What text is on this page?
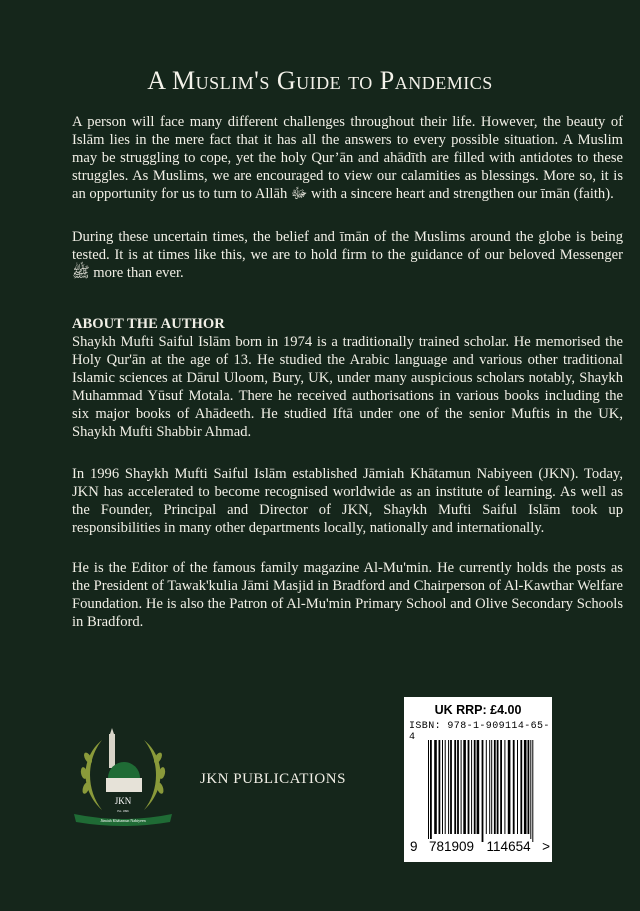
A Muslim's Guide to Pandemics

A person will face many different challenges throughout their life. However, the beauty of Islām lies in the mere fact that it has all the answers to every possible situation. A Muslim may be struggling to cope, yet the holy Qur’ān and ahādīth are filled with antidotes to these struggles. As Muslims, we are encouraged to view our calamities as blessings. More so, it is an opportunity for us to turn to Allāh ﷻ with a sincere heart and strengthen our īmān (faith).

During these uncertain times, the belief and īmān of the Muslims around the globe is being tested. It is at times like this, we are to hold firm to the guidance of our beloved Messenger ﷺ more than ever.

ABOUT THE AUTHOR

Shaykh Mufti Saiful Islām born in 1974 is a traditionally trained scholar. He memorised the Holy Qur'ān at the age of 13. He studied the Arabic language and various other traditional Islamic sciences at Dārul Uloom, Bury, UK, under many auspicious scholars notably, Shaykh Muhammad Yūsuf Motala. There he received authorisations in various books including the six major books of Ahādeeth. He studied Iftā under one of the senior Muftis in the UK, Shaykh Mufti Shabbir Ahmad.

In 1996 Shaykh Mufti Saiful Islām established Jāmiah Khātamun Nabiyeen (JKN). Today, JKN has accelerated to become recognised worldwide as an institute of learning. As well as the Founder, Principal and Director of JKN, Shaykh Mufti Saiful Islām took up responsibilities in many other departments locally, nationally and internationally.

He is the Editor of the famous family magazine Al-Mu'min. He currently holds the posts as the President of Tawak'kulia Jāmi Masjid in Bradford and Chairperson of Al-Kawthar Welfare Foundation. He is also the Patron of Al-Mu'min Primary School and Olive Secondary Schools in Bradford.

JKN
Est. 1996
Jāmiah Khātamun Nabiyeen
JKN PUBLICATIONS
UK RRP: £4.00
ISBN: 978-1-909114-65-4
9 781909 114654 >
